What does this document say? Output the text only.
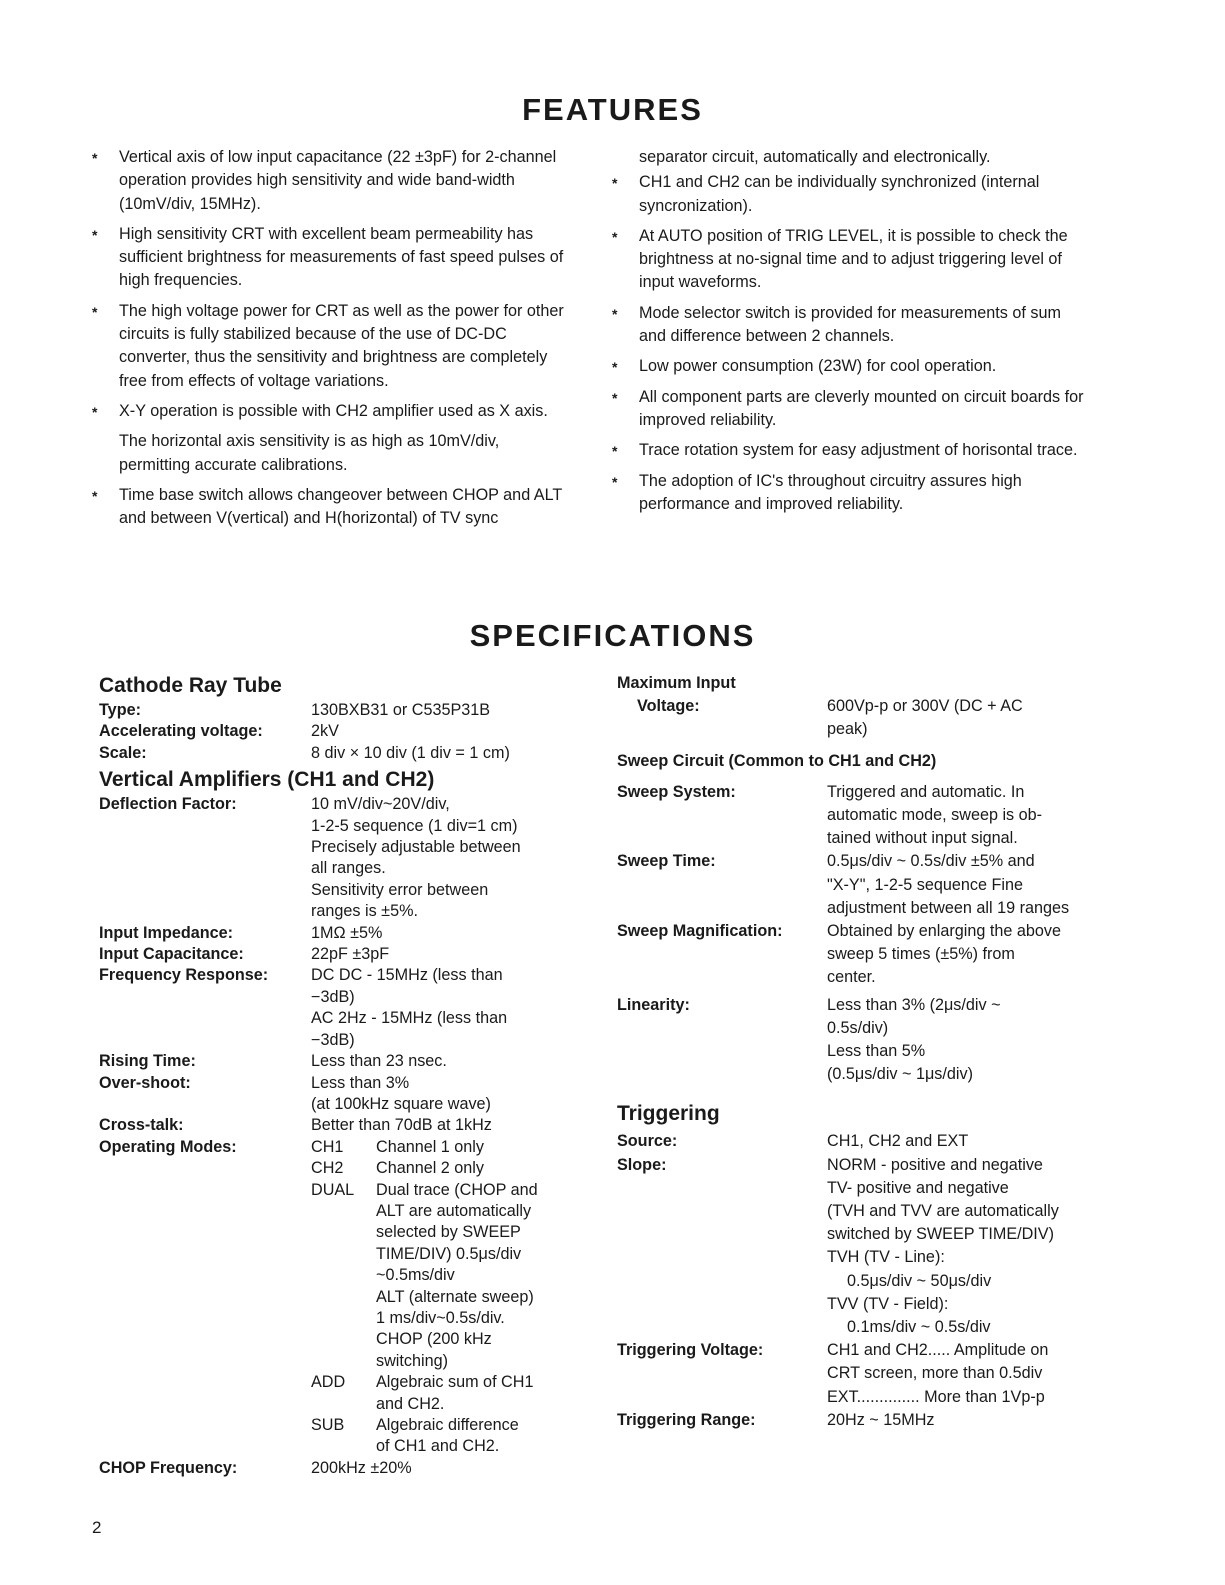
FEATURES
* Vertical axis of low input capacitance (22 ±3pF) for 2-channel operation provides high sensitivity and wide band-width (10mV/div, 15MHz).

* High sensitivity CRT with excellent beam permeability has sufficient brightness for measurements of fast speed pulses of high frequencies.

* The high voltage power for CRT as well as the power for other circuits is fully stabilized because of the use of DC-DC converter, thus the sensitivity and brightness are completely free from effects of voltage variations.

* X-Y operation is possible with CH2 amplifier used as X axis.

The horizontal axis sensitivity is as high as 10mV/div, permitting accurate calibrations.
* Time base switch allows changeover between CHOP and ALT and between V(vertical) and H(horizontal) of TV sync

separator circuit, automatically and electronically.
* CH1 and CH2 can be individually synchronized (internal syncronization).

* At AUTO position of TRIG LEVEL, it is possible to check the brightness at no-signal time and to adjust triggering level of input waveforms.

* Mode selector switch is provided for measurements of sum and difference between 2 channels.

* Low power consumption (23W) for cool operation.

* All component parts are cleverly mounted on circuit boards for improved reliability.

* Trace rotation system for easy adjustment of horisontal trace.

* The adoption of IC's throughout circuitry assures high performance and improved reliability.

SPECIFICATIONS
Cathode Ray Tube
Type:	130BXB31 or C535P31B
Accelerating voltage:	2kV
Scale:	8 div × 10 div (1 div = 1 cm)
Vertical Amplifiers (CH1 and CH2)
Deflection Factor:	10 mV/div~20V/div,
1-2-5 sequence (1 div=1 cm)
Precisely adjustable between
all ranges.
Sensitivity error between
ranges is ±5%.
Input Impedance:	1MΩ ±5%
Input Capacitance:	22pF ±3pF
Frequency Response:	DC DC - 15MHz (less than
−3dB)
AC 2Hz - 15MHz (less than
−3dB)
Rising Time:	Less than 23 nsec.
Over-shoot:	Less than 3%
(at 100kHz square wave)
Cross-talk:	Better than 70dB at 1kHz
Operating Modes:	CH1	Channel 1 only
CH2	Channel 2 only
DUAL	Dual trace (CHOP and
ALT are automatically
selected by SWEEP
TIME/DIV) 0.5μs/div
~0.5ms/div
ALT (alternate sweep)
1 ms/div~0.5s/div.
CHOP (200 kHz
switching)
ADD	Algebraic sum of CH1
and CH2.
SUB	Algebraic difference
of CH1 and CH2.
CHOP Frequency:	200kHz ±20%
Maximum Input
Voltage:	600Vp-p or 300V (DC + AC
peak)
Sweep Circuit (Common to CH1 and CH2)
Sweep System:	Triggered and automatic. In
automatic mode, sweep is ob-
tained without input signal.
Sweep Time:	0.5μs/div ~ 0.5s/div ±5% and
"X-Y", 1-2-5 sequence Fine
adjustment between all 19 ranges
Sweep Magnification:	Obtained by enlarging the above
sweep 5 times (±5%) from
center.
Linearity:	Less than 3% (2μs/div ~
0.5s/div)
Less than 5%
(0.5μs/div ~ 1μs/div)
Triggering
Source:	CH1, CH2 and EXT
Slope:	NORM - positive and negative
TV- positive and negative
(TVH and TVV are automatically
switched by SWEEP TIME/DIV)
TVH (TV - Line):
0.5μs/div ~ 50μs/div
TVV (TV - Field):
0.1ms/div ~ 0.5s/div
Triggering Voltage:	CH1 and CH2..... Amplitude on
CRT screen, more than 0.5div
EXT.............. More than 1Vp-p
Triggering Range:	20Hz ~ 15MHz
2
